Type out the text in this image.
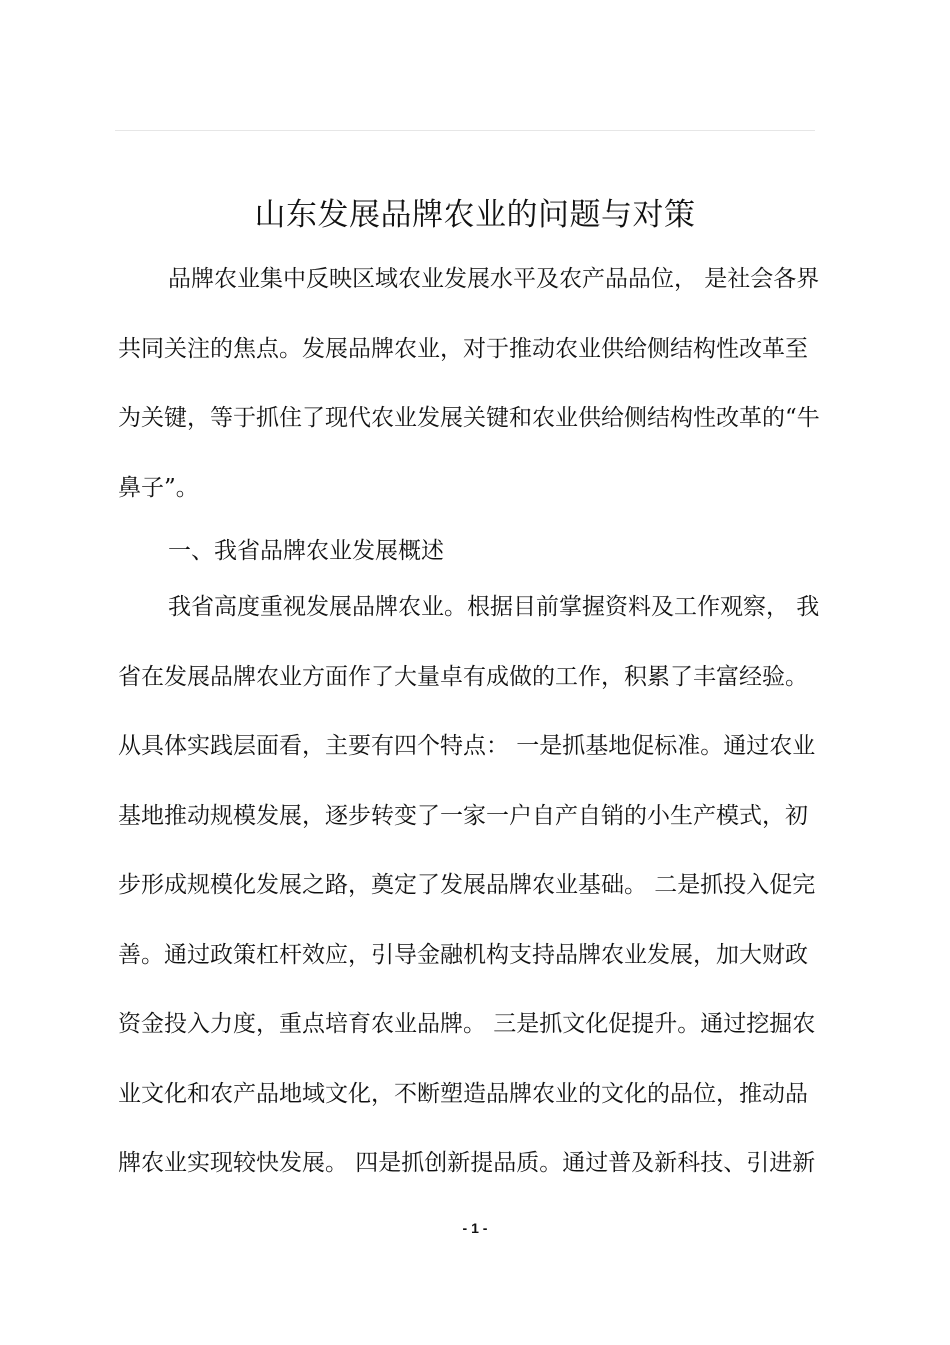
山东发展品牌农业的问题与对策

品牌农业集中反映区域农业发展水平及农产品品位， 是社会各界

共同关注的焦点。发展品牌农业，对于推动农业供给侧结构性改革至

为关键，等于抓住了现代农业发展关键和农业供给侧结构性改革的“牛

鼻子”。

一、我省品牌农业发展概述

我省高度重视发展品牌农业。根据目前掌握资料及工作观察， 我

省在发展品牌农业方面作了大量卓有成做的工作，积累了丰富经验。

从具体实践层面看，主要有四个特点： 一是抓基地促标准。通过农业

基地推动规模发展，逐步转变了一家一户自产自销的小生产模式，初

步形成规模化发展之路，奠定了发展品牌农业基础。 二是抓投入促完

善。通过政策杠杆效应，引导金融机构支持品牌农业发展，加大财政

资金投入力度，重点培育农业品牌。 三是抓文化促提升。通过挖掘农

业文化和农产品地域文化，不断塑造品牌农业的文化的品位，推动品

牌农业实现较快发展。 四是抓创新提品质。通过普及新科技、引进新

- 1 -
